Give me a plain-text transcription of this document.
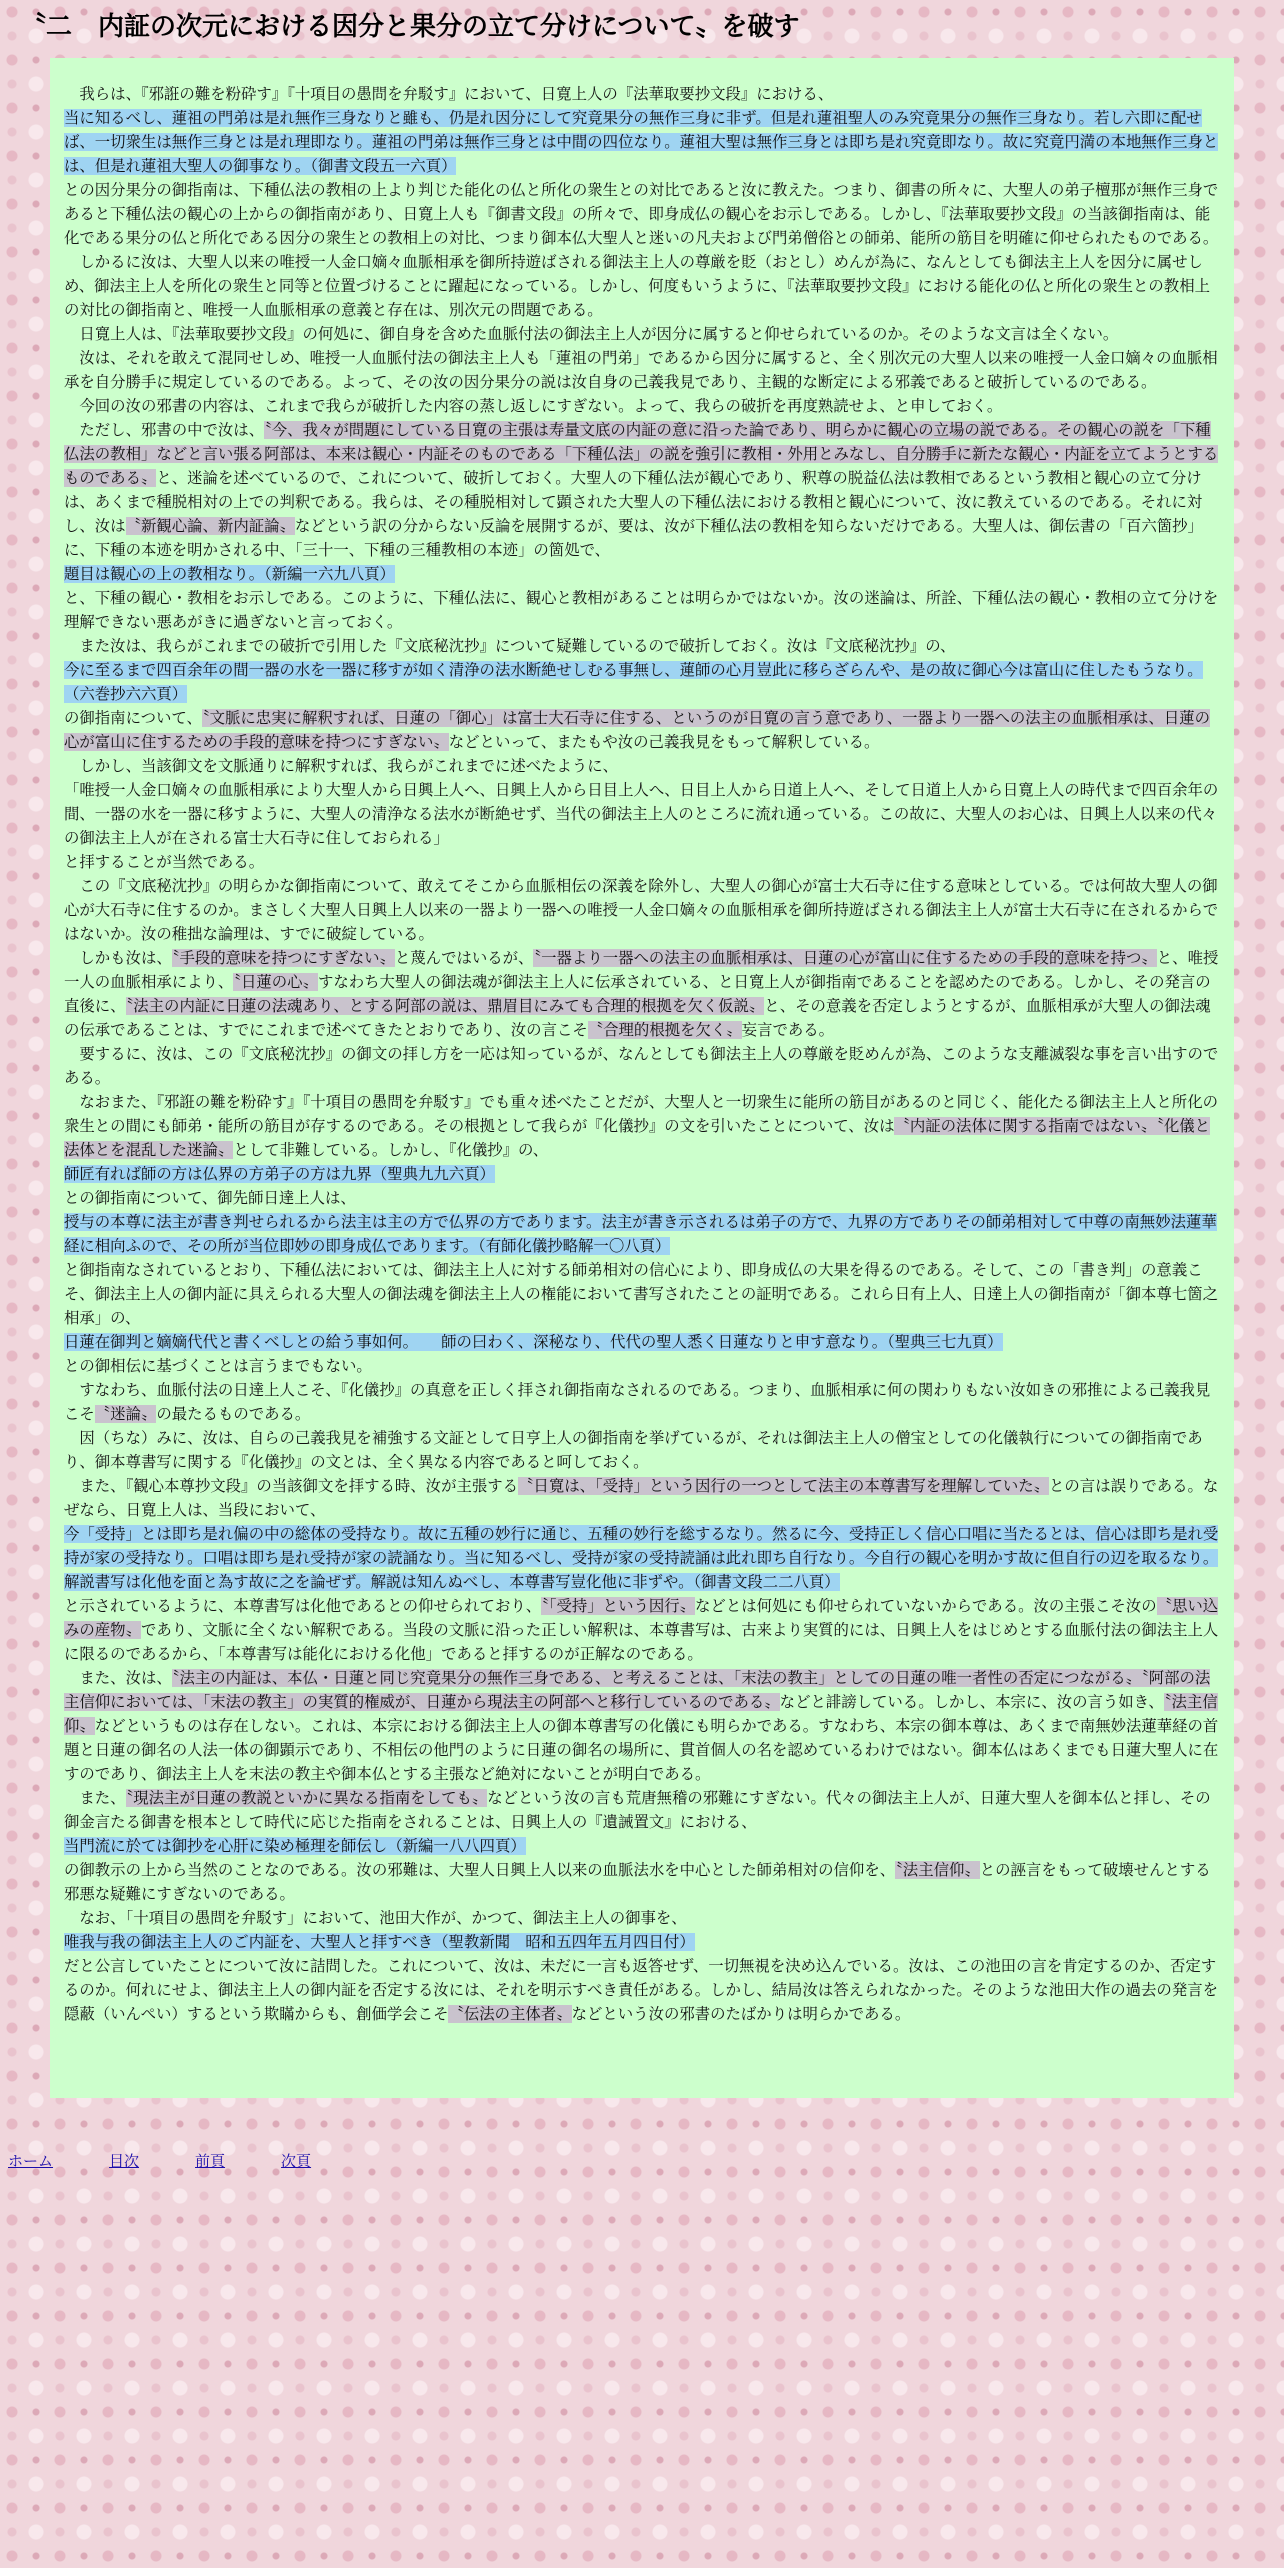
〝二　内証の次元における因分と果分の立て分けについて〟を破す

　我らは、『邪誑の難を粉砕す』『十項目の愚問を弁駁す』において、日寛上人の『法華取要抄文段』における、

当に知るべし、蓮祖の門弟は是れ無作三身なりと雖も、仍是れ因分にして究竟果分の無作三身に非ず。但是れ蓮祖聖人のみ究竟果分の無作三身なり。若し六即に配せば、一切衆生は無作三身とは是れ理即なり。蓮祖の門弟は無作三身とは中間の四位なり。蓮祖大聖は無作三身とは即ち是れ究竟即なり。故に究竟円満の本地無作三身とは、但是れ蓮祖大聖人の御事なり。（御書文段五一六頁）

との因分果分の御指南は、下種仏法の教相の上より判じた能化の仏と所化の衆生との対比であると汝に教えた。つまり、御書の所々に、大聖人の弟子檀那が無作三身であると下種仏法の観心の上からの御指南があり、日寛上人も『御書文段』の所々で、即身成仏の観心をお示しである。しかし、『法華取要抄文段』の当該御指南は、能化である果分の仏と所化である因分の衆生との教相上の対比、つまり御本仏大聖人と迷いの凡夫および門弟僧俗との師弟、能所の筋目を明確に仰せられたものである。

　しかるに汝は、大聖人以来の唯授一人金口嫡々血脈相承を御所持遊ばされる御法主上人の尊厳を貶（おとし）めんが為に、なんとしても御法主上人を因分に属せしめ、御法主上人を所化の衆生と同等と位置づけることに躍起になっている。しかし、何度もいうように、『法華取要抄文段』における能化の仏と所化の衆生との教相上の対比の御指南と、唯授一人血脈相承の意義と存在は、別次元の問題である。

　日寛上人は、『法華取要抄文段』の何処に、御自身を含めた血脈付法の御法主上人が因分に属すると仰せられているのか。そのような文言は全くない。

　汝は、それを敢えて混同せしめ、唯授一人血脈付法の御法主上人も「蓮祖の門弟」であるから因分に属すると、全く別次元の大聖人以来の唯授一人金口嫡々の血脈相承を自分勝手に規定しているのである。よって、その汝の因分果分の説は汝自身の己義我見であり、主観的な断定による邪義であると破折しているのである。

　今回の汝の邪書の内容は、これまで我らが破折した内容の蒸し返しにすぎない。よって、我らの破折を再度熟読せよ、と申しておく。

　ただし、邪書の中で汝は、〝今、我々が問題にしている日寛の主張は寿量文底の内証の意に沿った論であり、明らかに観心の立場の説である。その観心の説を「下種仏法の教相」などと言い張る阿部は、本来は観心・内証そのものである「下種仏法」の説を強引に教相・外用とみなし、自分勝手に新たな観心・内証を立てようとするものである〟と、迷論を述べているので、これについて、破折しておく。大聖人の下種仏法が観心であり、釈尊の脱益仏法は教相であるという教相と観心の立て分けは、あくまで種脱相対の上での判釈である。我らは、その種脱相対して顕された大聖人の下種仏法における教相と観心について、汝に教えているのである。それに対し、汝は〝新観心論、新内証論〟などという訳の分からない反論を展開するが、要は、汝が下種仏法の教相を知らないだけである。大聖人は、御伝書の「百六箇抄」に、下種の本迹を明かされる中、「三十一、下種の三種教相の本迹」の箇処で、

題目は観心の上の教相なり。（新編一六九八頁）

と、下種の観心・教相をお示しである。このように、下種仏法に、観心と教相があることは明らかではないか。汝の迷論は、所詮、下種仏法の観心・教相の立て分けを理解できない悪あがきに過ぎないと言っておく。

　また汝は、我らがこれまでの破折で引用した『文底秘沈抄』について疑難しているので破折しておく。汝は『文底秘沈抄』の、

今に至るまで四百余年の間一器の水を一器に移すが如く清浄の法水断絶せしむる事無し、蓮師の心月豈此に移らざらんや、是の故に御心今は富山に住したもうなり。（六巻抄六六頁）

の御指南について、〝文脈に忠実に解釈すれば、日蓮の「御心」は富士大石寺に住する、というのが日寛の言う意であり、一器より一器への法主の血脈相承は、日蓮の心が富山に住するための手段的意味を持つにすぎない〟などといって、またもや汝の己義我見をもって解釈している。

　しかし、当該御文を文脈通りに解釈すれば、我らがこれまでに述べたように、

「唯授一人金口嫡々の血脈相承により大聖人から日興上人へ、日興上人から日目上人へ、日目上人から日道上人へ、そして日道上人から日寛上人の時代まで四百余年の間、一器の水を一器に移すように、大聖人の清浄なる法水が断絶せず、当代の御法主上人のところに流れ通っている。この故に、大聖人のお心は、日興上人以来の代々の御法主上人が在される富士大石寺に住しておられる」

と拝することが当然である。

　この『文底秘沈抄』の明らかな御指南について、敢えてそこから血脈相伝の深義を除外し、大聖人の御心が富士大石寺に住する意味としている。では何故大聖人の御心が大石寺に住するのか。まさしく大聖人日興上人以来の一器より一器への唯授一人金口嫡々の血脈相承を御所持遊ばされる御法主上人が富士大石寺に在されるからではないか。汝の稚拙な論理は、すでに破綻している。

　しかも汝は、〝手段的意味を持つにすぎない〟と蔑んではいるが、〝一器より一器への法主の血脈相承は、日蓮の心が富山に住するための手段的意味を持つ〟と、唯授一人の血脈相承により、〝日蓮の心〟すなわち大聖人の御法魂が御法主上人に伝承されている、と日寛上人が御指南であることを認めたのである。しかし、その発言の直後に、〝法主の内証に日蓮の法魂あり、とする阿部の説は、鼎眉目にみても合理的根拠を欠く仮説〟と、その意義を否定しようとするが、血脈相承が大聖人の御法魂の伝承であることは、すでにこれまで述べてきたとおりであり、汝の言こそ〝合理的根拠を欠く〟妄言である。

　要するに、汝は、この『文底秘沈抄』の御文の拝し方を一応は知っているが、なんとしても御法主上人の尊厳を貶めんが為、このような支離滅裂な事を言い出すのである。

　なおまた、『邪誑の難を粉砕す』『十項目の愚問を弁駁す』でも重々述べたことだが、大聖人と一切衆生に能所の筋目があるのと同じく、能化たる御法主上人と所化の衆生との間にも師弟・能所の筋目が存するのである。その根拠として我らが『化儀抄』の文を引いたことについて、汝は〝内証の法体に関する指南ではない〟〝化儀と法体とを混乱した迷論〟として非難している。しかし、『化儀抄』の、

師匠有れば師の方は仏界の方弟子の方は九界（聖典九九六頁）

との御指南について、御先師日達上人は、

授与の本尊に法主が書き判せられるから法主は主の方で仏界の方であります。法主が書き示されるは弟子の方で、九界の方でありその師弟相対して中尊の南無妙法蓮華経に相向ふので、その所が当位即妙の即身成仏であります。（有師化儀抄略解一〇八頁）

と御指南なされているとおり、下種仏法においては、御法主上人に対する師弟相対の信心により、即身成仏の大果を得るのである。そして、この「書き判」の意義こそ、御法主上人の御内証に具えられる大聖人の御法魂を御法主上人の権能において書写されたことの証明である。これら日有上人、日達上人の御指南が「御本尊七箇之相承」の、

日蓮在御判と嫡嫡代代と書くべしとの給う事如何。　　師の曰わく、深秘なり、代代の聖人悉く日蓮なりと申す意なり。（聖典三七九頁）

との御相伝に基づくことは言うまでもない。

　すなわち、血脈付法の日達上人こそ、『化儀抄』の真意を正しく拝され御指南なされるのである。つまり、血脈相承に何の関わりもない汝如きの邪推による己義我見こそ〝迷論〟の最たるものである。

　因（ちな）みに、汝は、自らの己義我見を補強する文証として日亨上人の御指南を挙げているが、それは御法主上人の僧宝としての化儀執行についての御指南であり、御本尊書写に関する『化儀抄』の文とは、全く異なる内容であると呵しておく。

　また、『観心本尊抄文段』の当該御文を拝する時、汝が主張する〝日寛は、「受持」という因行の一つとして法主の本尊書写を理解していた〟との言は誤りである。なぜなら、日寛上人は、当段において、

今「受持」とは即ち是れ偏の中の総体の受持なり。故に五種の妙行に通じ、五種の妙行を総するなり。然るに今、受持正しく信心口唱に当たるとは、信心は即ち是れ受持が家の受持なり。口唱は即ち是れ受持が家の読誦なり。当に知るべし、受持が家の受持読誦は此れ即ち自行なり。今自行の観心を明かす故に但自行の辺を取るなり。解説書写は化他を面と為す故に之を論ぜず。解説は知んぬべし、本尊書写豈化他に非ずや。（御書文段二二八頁）

と示されているように、本尊書写は化他であるとの仰せられており、〝「受持」という因行〟などとは何処にも仰せられていないからである。汝の主張こそ汝の〝思い込みの産物〟であり、文脈に全くない解釈である。当段の文脈に沿った正しい解釈は、本尊書写は、古来より実質的には、日興上人をはじめとする血脈付法の御法主上人に限るのであるから、「本尊書写は能化における化他」であると拝するのが正解なのである。

　また、汝は、〝法主の内証は、本仏・日蓮と同じ究竟果分の無作三身である、と考えることは、「末法の教主」としての日蓮の唯一者性の否定につながる〟〝阿部の法主信仰においては、「末法の教主」の実質的権威が、日蓮から現法主の阿部へと移行しているのである〟などと誹謗している。しかし、本宗に、汝の言う如き、〝法主信仰〟などというものは存在しない。これは、本宗における御法主上人の御本尊書写の化儀にも明らかである。すなわち、本宗の御本尊は、あくまで南無妙法蓮華経の首題と日蓮の御名の人法一体の御顕示であり、不相伝の他門のように日蓮の御名の場所に、貫首個人の名を認めているわけではない。御本仏はあくまでも日蓮大聖人に在すのであり、御法主上人を末法の教主や御本仏とする主張など絶対にないことが明白である。

　また、〝現法主が日蓮の教説といかに異なる指南をしても〟などという汝の言も荒唐無稽の邪難にすぎない。代々の御法主上人が、日蓮大聖人を御本仏と拝し、その御金言たる御書を根本として時代に応じた指南をされることは、日興上人の『遺誡置文』における、

当門流に於ては御抄を心肝に染め極理を師伝し（新編一八八四頁）

の御教示の上から当然のことなのである。汝の邪難は、大聖人日興上人以来の血脈法水を中心とした師弟相対の信仰を、〝法主信仰〟との誣言をもって破壊せんとする邪悪な疑難にすぎないのである。

　なお、「十項目の愚問を弁駁す」において、池田大作が、かつて、御法主上人の御事を、

唯我与我の御法主上人のご内証を、大聖人と拝すべき（聖教新聞　昭和五四年五月四日付）

だと公言していたことについて汝に詰問した。これについて、汝は、未だに一言も返答せず、一切無視を決め込んでいる。汝は、この池田の言を肯定するのか、否定するのか。何れにせよ、御法主上人の御内証を否定する汝には、それを明示すべき責任がある。しかし、結局汝は答えられなかった。そのような池田大作の過去の発言を隠蔽（いんぺい）するという欺瞞からも、創価学会こそ〝伝法の主体者〟などという汝の邪書のたばかりは明らかである。

ホーム	目次	前頁	次頁
